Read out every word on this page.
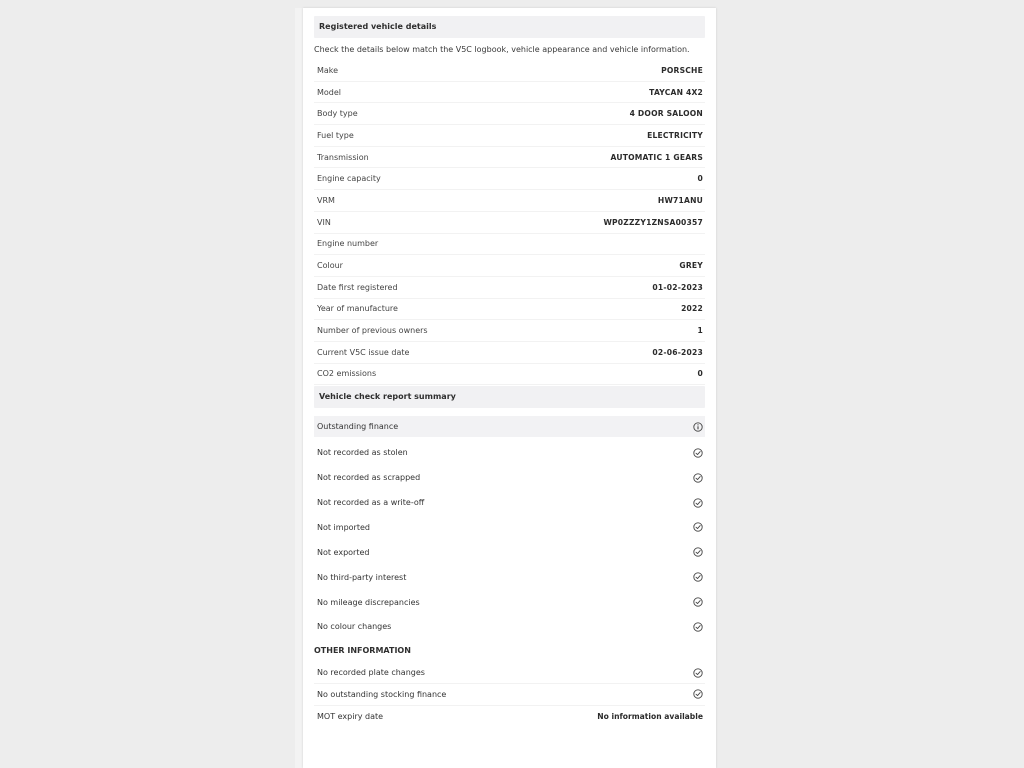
Registered vehicle details
Check the details below match the V5C logbook, vehicle appearance and vehicle information.
Make	PORSCHE
Model	TAYCAN 4X2
Body type	4 DOOR SALOON
Fuel type	ELECTRICITY
Transmission	AUTOMATIC 1 GEARS
Engine capacity	0
VRM	HW71ANU
VIN	WP0ZZZY1ZNSA00357
Engine number
Colour	GREY
Date first registered	01-02-2023
Year of manufacture	2022
Number of previous owners	1
Current V5C issue date	02-06-2023
CO2 emissions	0
Vehicle check report summary
Outstanding finance
Not recorded as stolen
Not recorded as scrapped
Not recorded as a write-off
Not imported
Not exported
No third-party interest
No mileage discrepancies
No colour changes
OTHER INFORMATION
No recorded plate changes
No outstanding stocking finance
MOT expiry date	No information available
